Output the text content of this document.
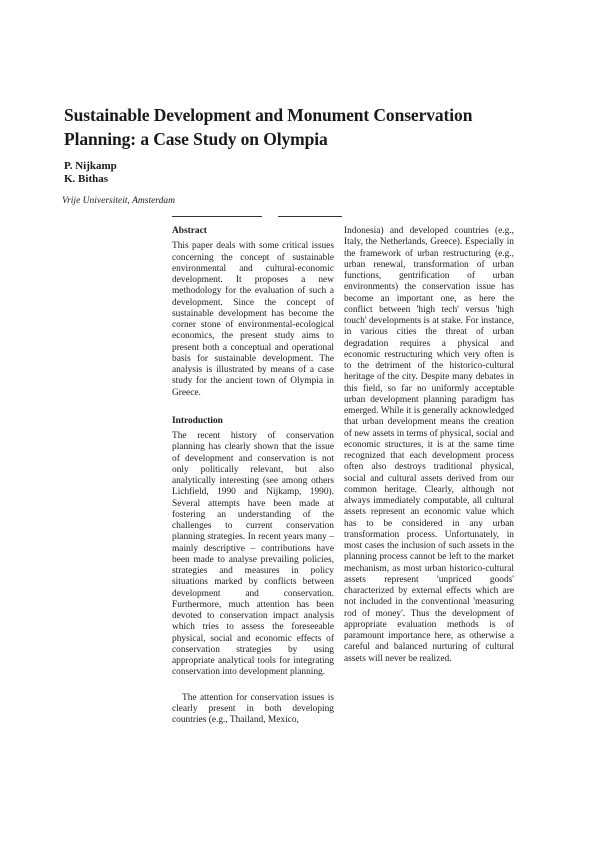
Sustainable Development and Monument Conservation Planning: a Case Study on Olympia
P. Nijkamp
K. Bithas
Vrije Universiteit, Amsterdam

Abstract

This paper deals with some critical issues concerning the concept of sustainable environmental and cultural-economic development. It proposes a new methodology for the evaluation of such a development. Since the concept of sustainable development has become the corner stone of environmental-ecological economics, the present study aims to present both a conceptual and operational basis for sustainable development. The analysis is illustrated by means of a case study for the ancient town of Olympia in Greece.

Introduction

The recent history of conservation planning has clearly shown that the issue of development and conservation is not only politically relevant, but also analytically interesting (see among others Lichfield, 1990 and Nijkamp, 1990). Several attempts have been made at fostering an understanding of the challenges to current conservation planning strategies. In recent years many – mainly descriptive – contributions have been made to analyse prevailing policies, strategies and measures in policy situations marked by conflicts between development and conservation. Furthermore, much attention has been devoted to conservation impact analysis which tries to assess the foreseeable physical, social and economic effects of conservation strategies by using appropriate analytical tools for integrating conservation into development planning.

The attention for conservation issues is clearly present in both developing countries (e.g., Thailand, Mexico,

Indonesia) and developed countries (e.g., Italy, the Netherlands, Greece). Especially in the framework of urban restructuring (e.g., urban renewal, transformation of urban functions, gentrification of urban environments) the conservation issue has become an important one, as here the conflict between 'high tech' versus 'high touch' developments is at stake. For instance, in various cities the threat of urban degradation requires a physical and economic restructuring which very often is to the detriment of the historico-cultural heritage of the city. Despite many debates in this field, so far no uniformly acceptable urban development planning paradigm has emerged. While it is generally acknowledged that urban development means the creation of new assets in terms of physical, social and economic structures, it is at the same time recognized that each development process often also destroys traditional physical, social and cultural assets derived from our common heritage. Clearly, although not always immediately computable, all cultural assets represent an economic value which has to be considered in any urban transformation process. Unfortunately, in most cases the inclusion of such assets in the planning process cannot be left to the market mechanism, as most urban historico-cultural assets represent 'unpriced goods' characterized by external effects which are not included in the conventional 'measuring rod of money'. Thus the development of appropriate evaluation methods is of paramount importance here, as otherwise a careful and balanced nurturing of cultural assets will never be realized.
